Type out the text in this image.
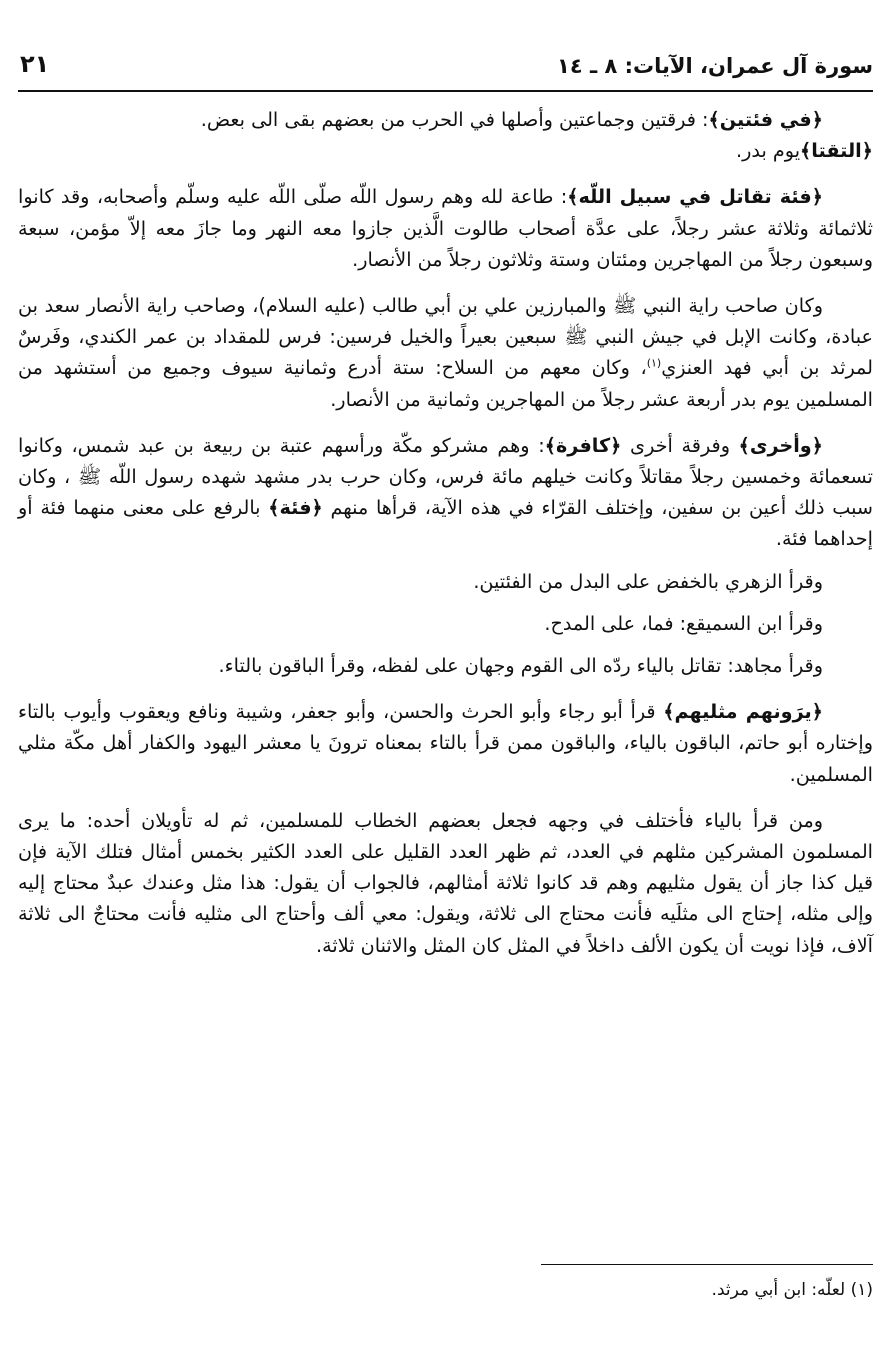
سورة آل عمران، الآيات: ٨ ـ ١٤
٢١

﴿في فئتين﴾: فرقتين وجماعتين وأصلها في الحرب من بعضهم بقى الى بعض.

﴿التقتا﴾يوم بدر.

﴿فئة تقاتل في سبيل اللّه﴾: طاعة لله وهم رسول اللّه صلّى اللّه عليه وسلّم وأصحابه، وقد كانوا ثلاثمائة وثلاثة عشر رجلاً، على عدَّة أصحاب طالوت الَّذين جازوا معه النهر وما جازَ معه إلاّ مؤمن، سبعة وسبعون رجلاً من المهاجرين ومئتان وستة وثلاثون رجلاً من الأنصار.

وكان صاحب راية النبي ﷺ والمبارزين علي بن أبي طالب (عليه السلام)، وصاحب راية الأنصار سعد بن عبادة، وكانت الإبل في جيش النبي ﷺ سبعين بعيراً والخيل فرسين: فرس للمقداد بن عمر الكندي، وفَرسٌ لمرثد بن أبي فهد العنزي$^{(١)}$، وكان معهم من السلاح: ستة أدرع وثمانية سيوف وجميع من أستشهد من المسلمين يوم بدر أربعة عشر رجلاً من المهاجرين وثمانية من الأنصار.

﴿وأخرى﴾ وفرقة أخرى ﴿كافرة﴾: وهم مشركو مكّة ورأسهم عتبة بن ربيعة بن عبد شمس، وكانوا تسعمائة وخمسين رجلاً مقاتلاً وكانت خيلهم مائة فرس، وكان حرب بدر مشهد شهده رسول اللّه ﷺ ، وكان سبب ذلك أعين بن سفين، وإختلف القرّاء في هذه الآية، قرأها منهم ﴿فئة﴾ بالرفع على معنى منهما فئة أو إحداهما فئة.

وقرأ الزهري بالخفض على البدل من الفئتين.

وقرأ ابن السميقع: فما، على المدح.

وقرأ مجاهد: تقاتل بالياء ردّه الى القوم وجهان على لفظه، وقرأ الباقون بالتاء.

﴿يرَونهم مثليهم﴾ قرأ أبو رجاء وأبو الحرث والحسن، وأبو جعفر، وشيبة ونافع ويعقوب وأيوب بالتاء وإختاره أبو حاتم، الباقون بالياء، والباقون ممن قرأ بالتاء بمعناه ترونَ يا معشر اليهود والكفار أهل مكّة مثلي المسلمين.

ومن قرأ بالياء فأختلف في وجهه فجعل بعضهم الخطاب للمسلمين، ثم له تأويلان أحده: ما يرى المسلمون المشركين مثلهم في العدد، ثم ظهر العدد القليل على العدد الكثير بخمس أمثال فتلك الآية فإن قيل كذا جاز أن يقول مثليهم وهم قد كانوا ثلاثة أمثالهم، فالجواب أن يقول: هذا مثل وعندك عبدٌ محتاج إليه وإلى مثله، إحتاج الى مثلَيه فأنت محتاج الى ثلاثة، ويقول: معي ألف وأحتاج الى مثليه فأنت محتاجٌ الى ثلاثة آلاف، فإذا نويت أن يكون الألف داخلاً في المثل كان المثل والاثنان ثلاثة.

(١) لعلّه: ابن أبي مرثد.
